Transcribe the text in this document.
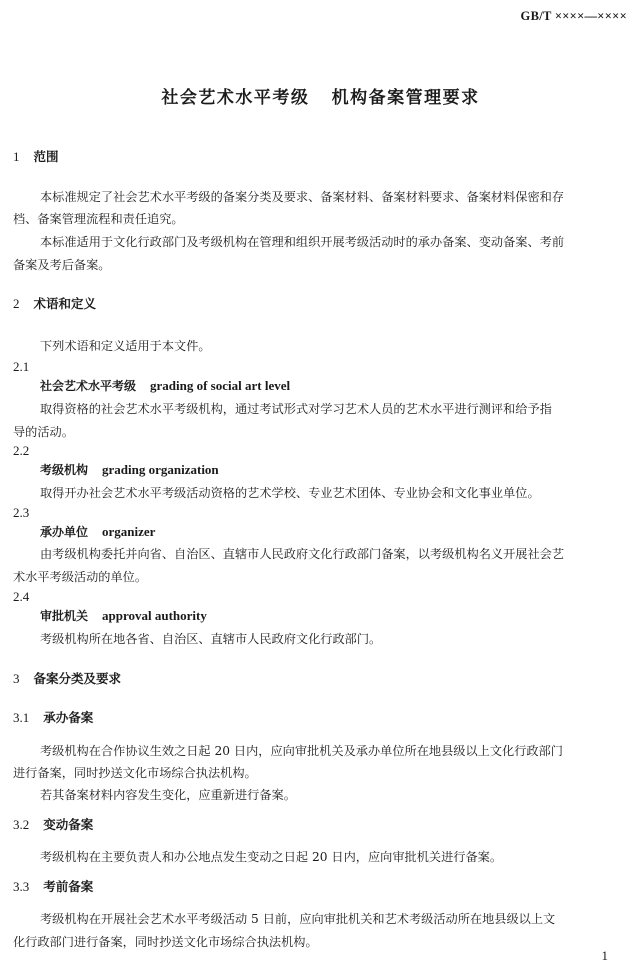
GB/T ××××—××××
社会艺术水平考级   机构备案管理要求
1 范围
本标准规定了社会艺术水平考级的备案分类及要求、备案材料、备案材料要求、备案材料保密和存
档、备案管理流程和责任追究。
本标准适用于文化行政部门及考级机构在管理和组织开展考级活动时的承办备案、变动备案、考前
备案及考后备案。
2 术语和定义
下列术语和定义适用于本文件。
2.1
社会艺术水平考级 grading of social art level
取得资格的社会艺术水平考级机构，通过考试形式对学习艺术人员的艺术水平进行测评和给予指
导的活动。
2.2
考级机构 grading organization
取得开办社会艺术水平考级活动资格的艺术学校、专业艺术团体、专业协会和文化事业单位。
2.3
承办单位 organizer
由考级机构委托并向省、自治区、直辖市人民政府文化行政部门备案，以考级机构名义开展社会艺
术水平考级活动的单位。
2.4
审批机关 approval authority
考级机构所在地各省、自治区、直辖市人民政府文化行政部门。
3 备案分类及要求
3.1 承办备案
考级机构在合作协议生效之日起 20 日内，应向审批机关及承办单位所在地县级以上文化行政部门
进行备案，同时抄送文化市场综合执法机构。
若其备案材料内容发生变化，应重新进行备案。
3.2 变动备案
考级机构在主要负责人和办公地点发生变动之日起 20 日内，应向审批机关进行备案。
3.3 考前备案
考级机构在开展社会艺术水平考级活动 5 日前，应向审批机关和艺术考级活动所在地县级以上文
化行政部门进行备案，同时抄送文化市场综合执法机构。
1
